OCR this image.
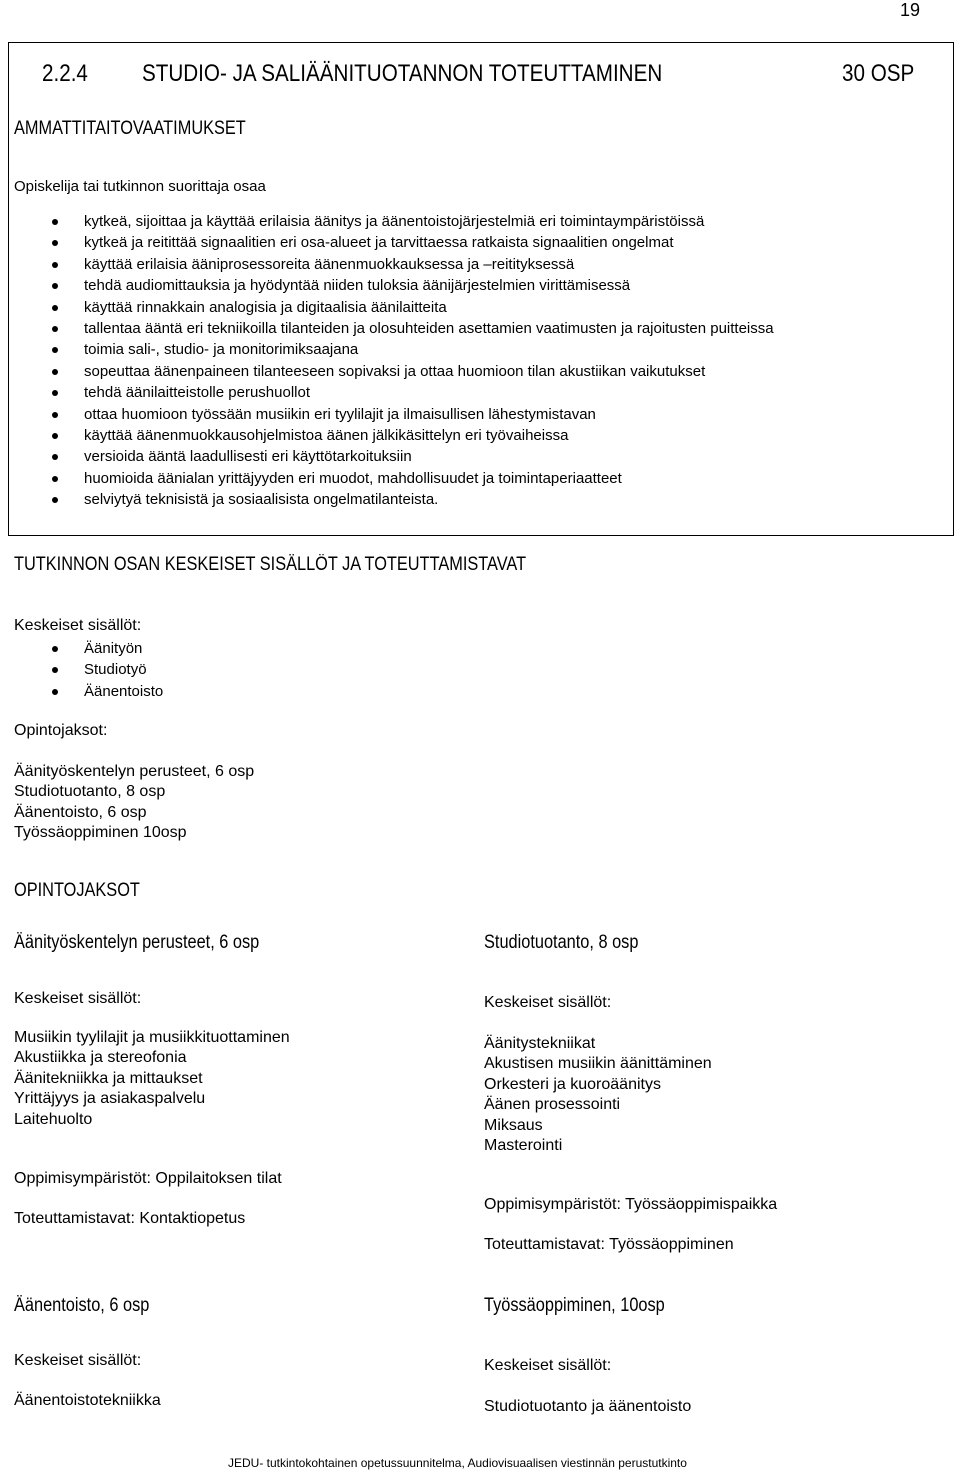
19
2.2.4 STUDIO- JA SALIÄÄNITUOTANNON TOTEUTTAMINEN	30 OSP
AMMATTITAITOVAATIMUKSET
Opiskelija tai tutkinnon suorittaja osaa
kytkeä, sijoittaa ja käyttää erilaisia äänitys ja äänentoistojärjestelmiä eri toimintaympäristöissä
kytkeä ja reitittää signaalitien eri osa-alueet ja tarvittaessa ratkaista signaalitien ongelmat
käyttää erilaisia ääniprosessoreita äänenmuokkauksessa ja –reitityksessä
tehdä audiomittauksia ja hyödyntää niiden tuloksia äänijärjestelmien virittämisessä
käyttää rinnakkain analogisia ja digitaalisia äänilaitteita
tallentaa ääntä eri tekniikoilla tilanteiden ja olosuhteiden asettamien vaatimusten ja rajoitusten puitteissa
toimia sali-, studio- ja monitorimiksaajana
sopeuttaa äänenpaineen tilanteeseen sopivaksi ja ottaa huomioon tilan akustiikan vaikutukset
tehdä äänilaitteistolle perushuollot
ottaa huomioon työssään musiikin eri tyylilajit ja ilmaisullisen lähestymistavan
käyttää äänenmuokkausohjelmistoa äänen jälkikäsittelyn eri työvaiheissa
versioida ääntä laadullisesti eri käyttötarkoituksiin
huomioida äänialan yrittäjyyden eri muodot, mahdollisuudet ja toimintaperiaatteet
selviytyä teknisistä ja sosiaalisista ongelmatilanteista.
TUTKINNON OSAN KESKEISET SISÄLLÖT JA TOTEUTTAMISTAVAT
Keskeiset sisällöt:
Äänityön
Studiotyö
Äänentoisto
Opintojaksot:
Äänityöskentelyn perusteet, 6 osp
Studiotuotanto, 8 osp
Äänentoisto, 6 osp
Työssäoppiminen 10osp
OPINTOJAKSOT
Äänityöskentelyn perusteet, 6 osp
Keskeiset sisällöt:
Musiikin tyylilajit ja musiikkituottaminen
Akustiikka ja stereofonia
Äänitekniikka ja mittaukset
Yrittäjyys ja asiakaspalvelu
Laitehuolto
Oppimisympäristöt: Oppilaitoksen tilat
Toteuttamistavat: Kontaktiopetus
Studiotuotanto, 8 osp
Keskeiset sisällöt:
Äänitystekniikat
Akustisen musiikin äänittäminen
Orkesteri ja kuoroäänitys
Äänen prosessointi
Miksaus
Masterointi
Oppimisympäristöt: Työssäoppimispaikka
Toteuttamistavat: Työssäoppiminen
Äänentoisto, 6 osp
Keskeiset sisällöt:
Äänentoistotekniikka
Työssäoppiminen, 10osp
Keskeiset sisällöt:
Studiotuotanto ja äänentoisto
JEDU- tutkintokohtainen opetussuunnitelma, Audiovisuaalisen viestinnän perustutkinto
